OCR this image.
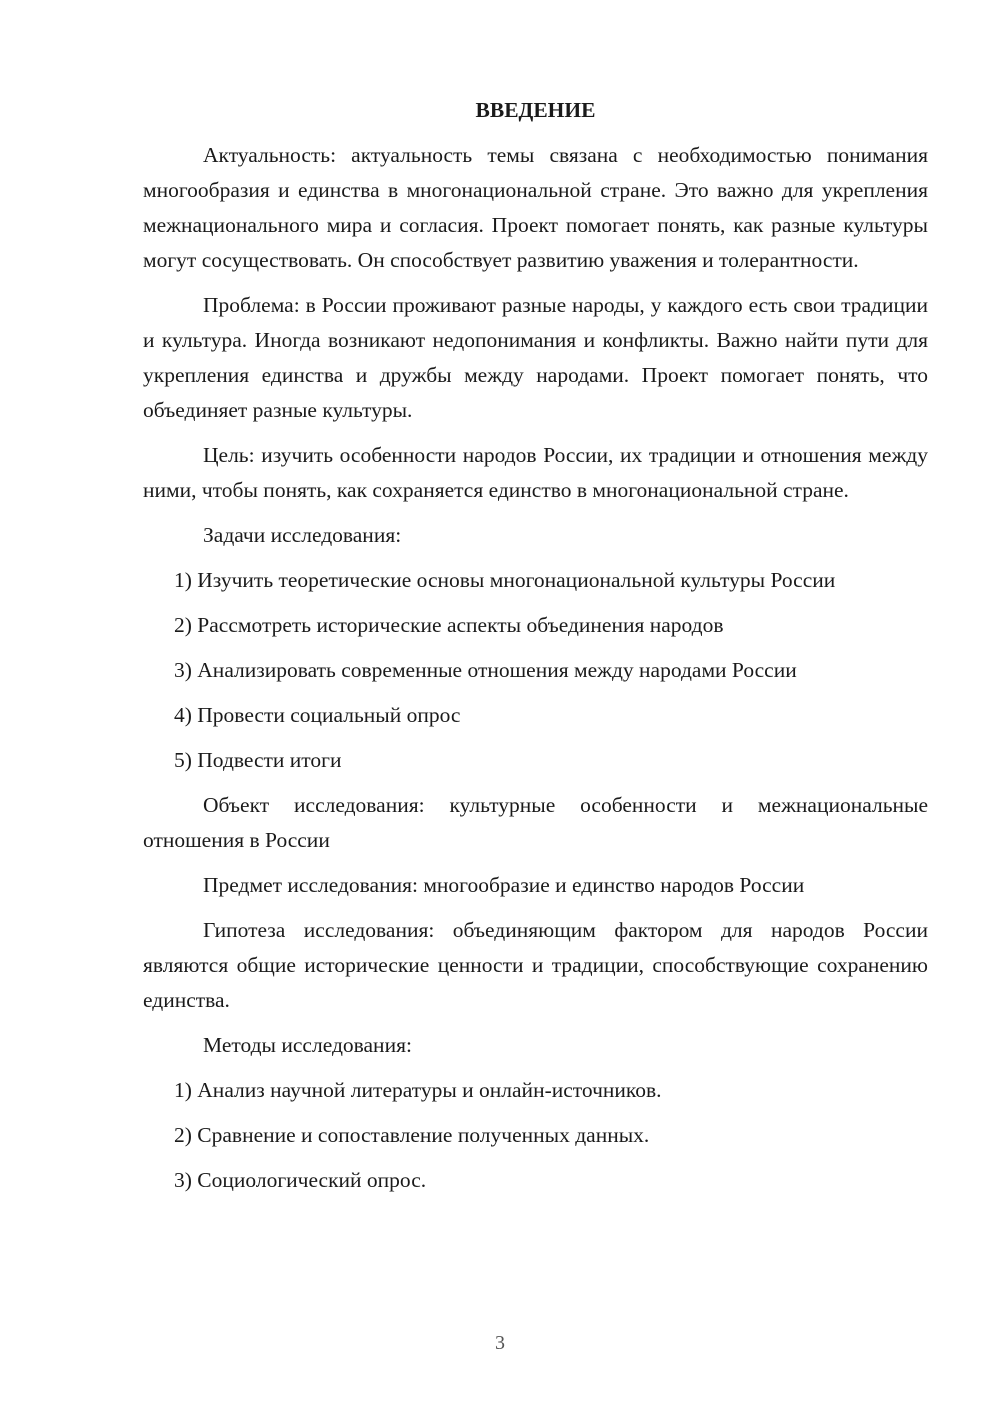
ВВЕДЕНИЕ
Актуальность: актуальность темы связана с необходимостью понимания многообразия и единства в многонациональной стране. Это важно для укрепления межнационального мира и согласия. Проект помогает понять, как разные культуры могут сосуществовать. Он способствует развитию уважения и толерантности.
Проблема: в России проживают разные народы, у каждого есть свои традиции и культура. Иногда возникают недопонимания и конфликты. Важно найти пути для укрепления единства и дружбы между народами. Проект помогает понять, что объединяет разные культуры.
Цель: изучить особенности народов России, их традиции и отношения между ними, чтобы понять, как сохраняется единство в многонациональной стране.
Задачи исследования:
1) Изучить теоретические основы многонациональной культуры России
2) Рассмотреть исторические аспекты объединения народов
3) Анализировать современные отношения между народами России
4) Провести социальный опрос
5) Подвести итоги
Объект исследования: культурные особенности и межнациональные отношения в России
Предмет исследования: многообразие и единство народов России
Гипотеза исследования: объединяющим фактором для народов России являются общие исторические ценности и традиции, способствующие сохранению единства.
Методы исследования:
1) Анализ научной литературы и онлайн-источников.
2) Сравнение и сопоставление полученных данных.
3) Социологический опрос.
3
